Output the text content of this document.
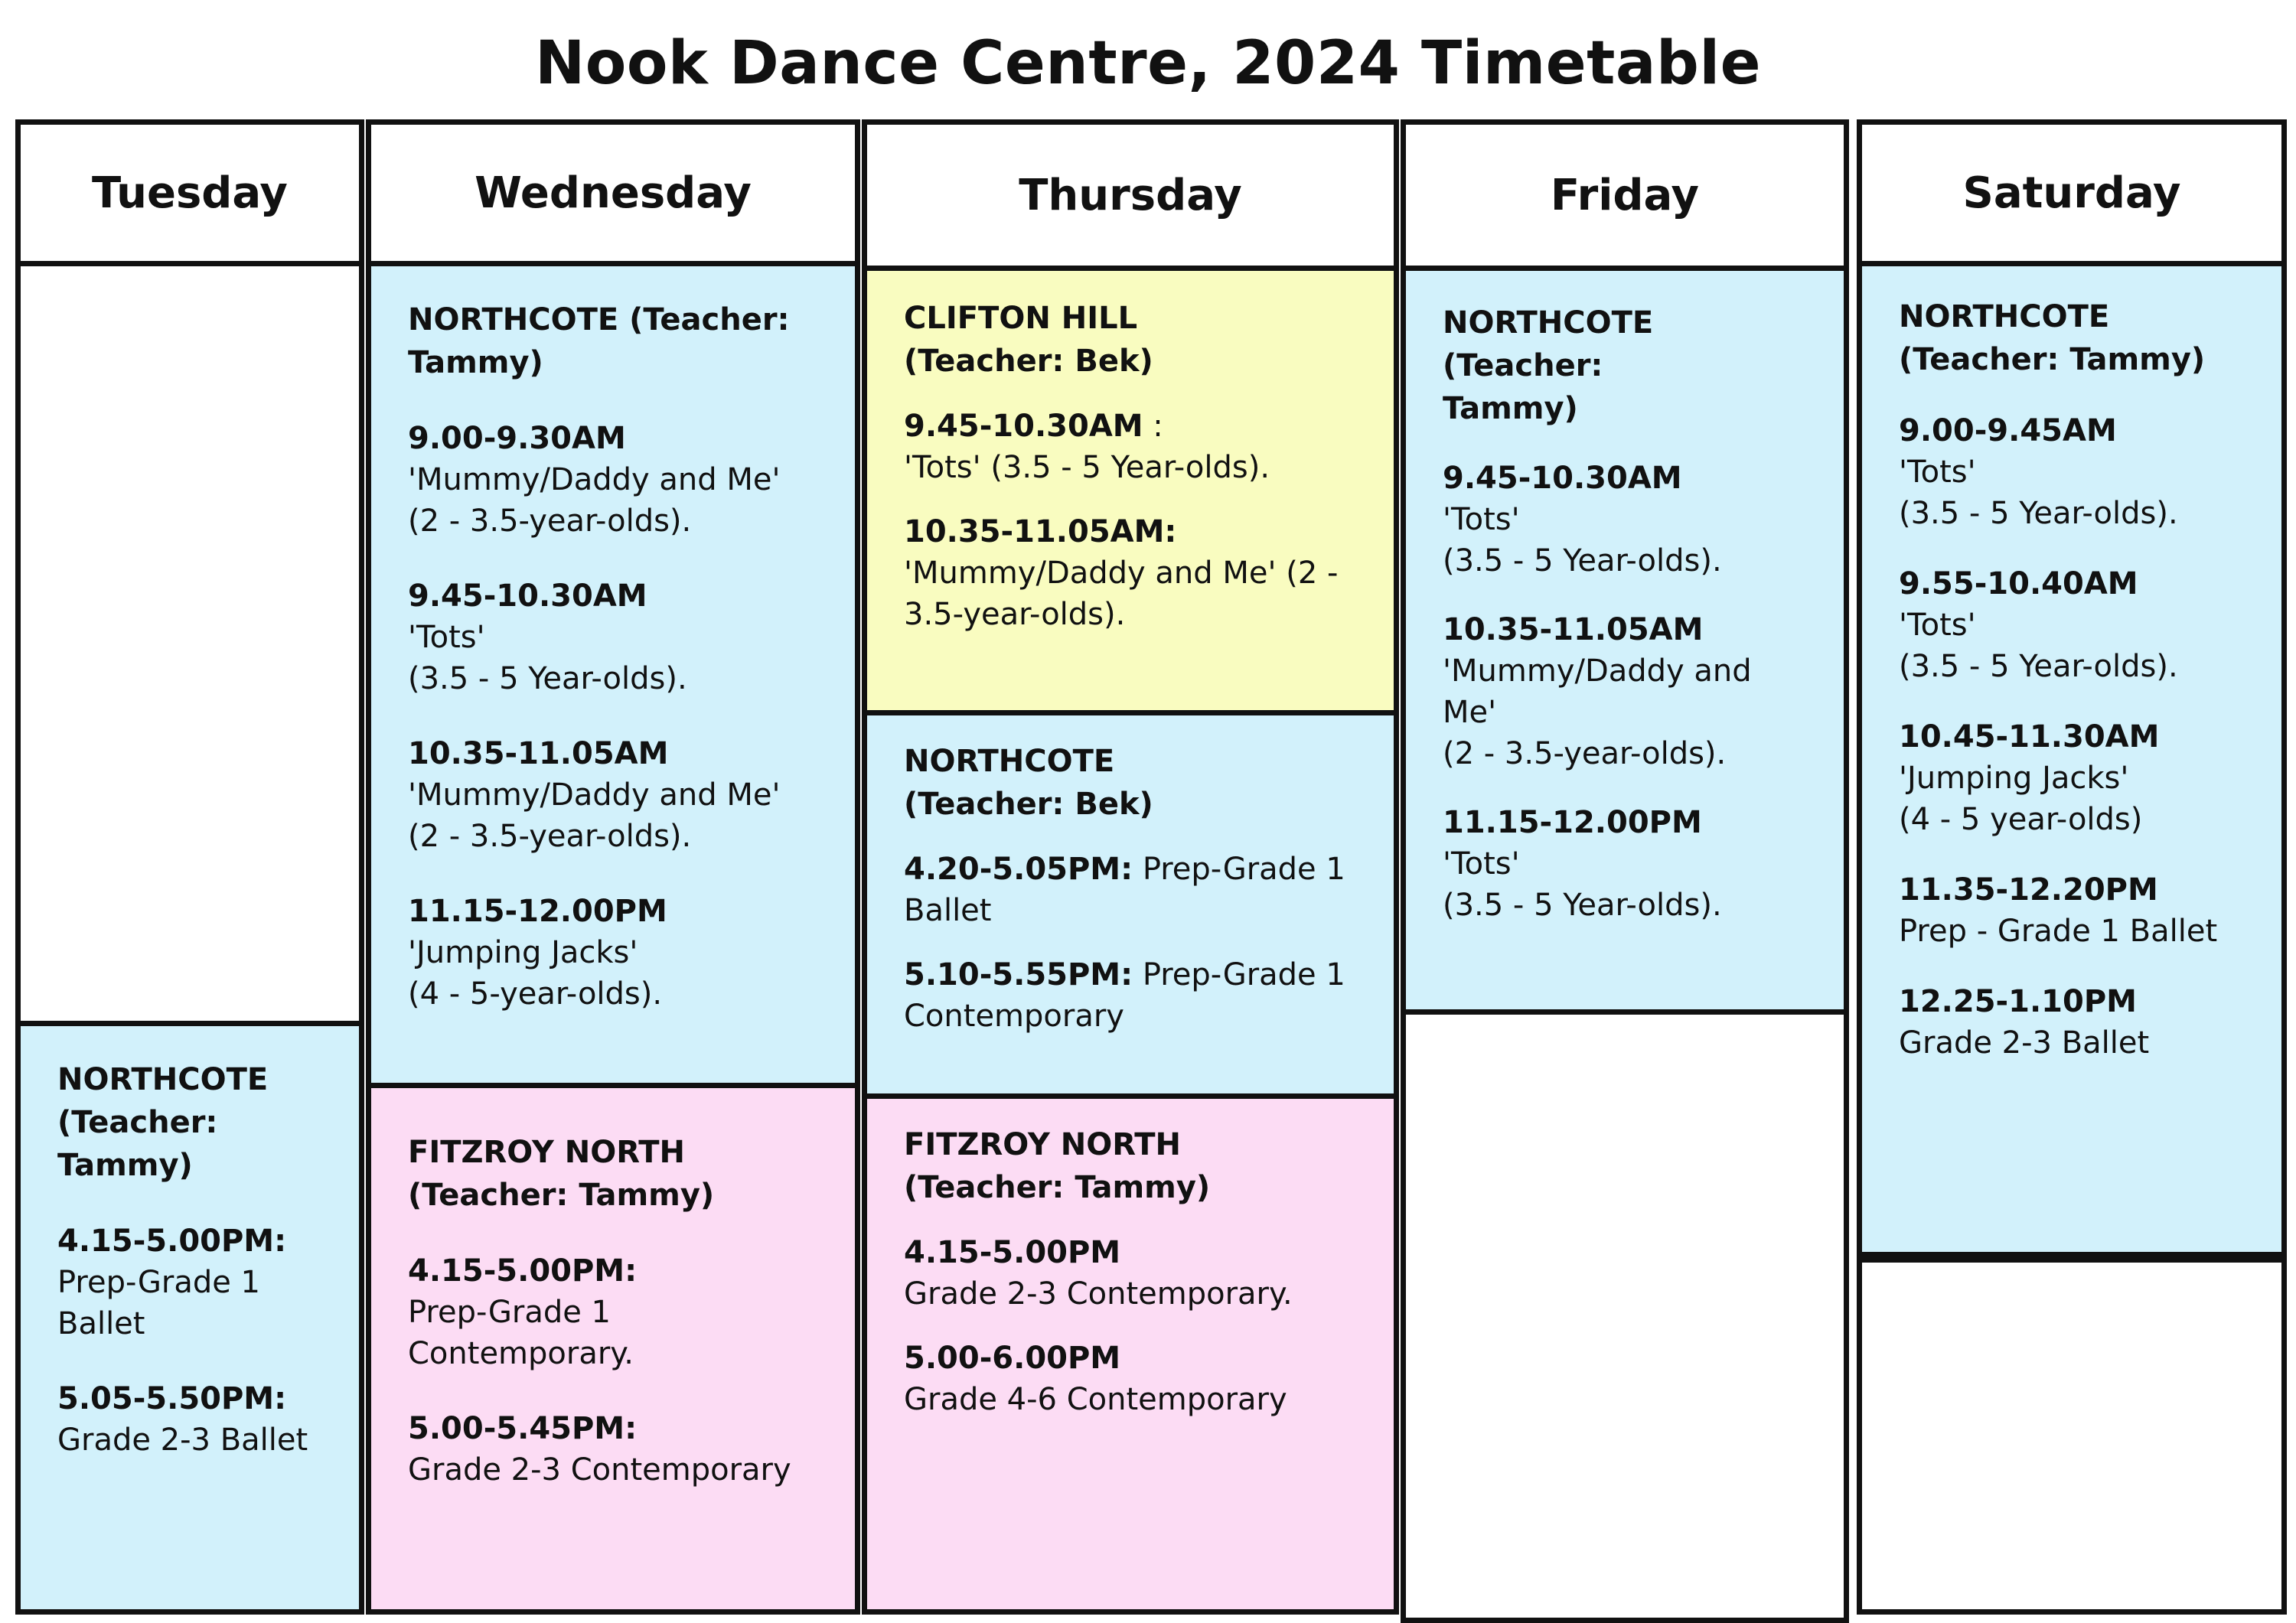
Nook Dance Centre, 2024 Timetable
Tuesday
NORTHCOTE
(Teacher:
Tammy)
4.15-5.00PM:
Prep-Grade 1
Ballet
5.05-5.50PM:
Grade 2-3 Ballet
Wednesday
NORTHCOTE (Teacher:
Tammy)
9.00-9.30AM
'Mummy/Daddy and Me'
(2 - 3.5-year-olds).
9.45-10.30AM
'Tots'
(3.5 - 5 Year-olds).
10.35-11.05AM
'Mummy/Daddy and Me'
(2 - 3.5-year-olds).
11.15-12.00PM
'Jumping Jacks'
(4 - 5-year-olds).
FITZROY NORTH
(Teacher: Tammy)
4.15-5.00PM:
Prep-Grade 1
Contemporary.
5.00-5.45PM:
Grade 2-3 Contemporary
Thursday
CLIFTON HILL
(Teacher: Bek)
9.45-10.30AM :
'Tots' (3.5 - 5 Year-olds).
10.35-11.05AM:
'Mummy/Daddy and Me' (2 -
3.5-year-olds).
NORTHCOTE
(Teacher: Bek)
4.20-5.05PM: Prep-Grade 1
Ballet
5.10-5.55PM: Prep-Grade 1
Contemporary
FITZROY NORTH
(Teacher: Tammy)
4.15-5.00PM
Grade 2-3 Contemporary.
5.00-6.00PM
Grade 4-6 Contemporary
Friday
NORTHCOTE (Teacher:
Tammy)
9.45-10.30AM
'Tots'
(3.5 - 5 Year-olds).
10.35-11.05AM
'Mummy/Daddy and
Me'
(2 - 3.5-year-olds).
11.15-12.00PM
'Tots'
(3.5 - 5 Year-olds).
Saturday
NORTHCOTE
(Teacher: Tammy)
9.00-9.45AM
'Tots'
(3.5 - 5 Year-olds).
9.55-10.40AM
'Tots'
(3.5 - 5 Year-olds).
10.45-11.30AM
'Jumping Jacks'
(4 - 5 year-olds)
11.35-12.20PM
Prep - Grade 1 Ballet
12.25-1.10PM
Grade 2-3 Ballet
